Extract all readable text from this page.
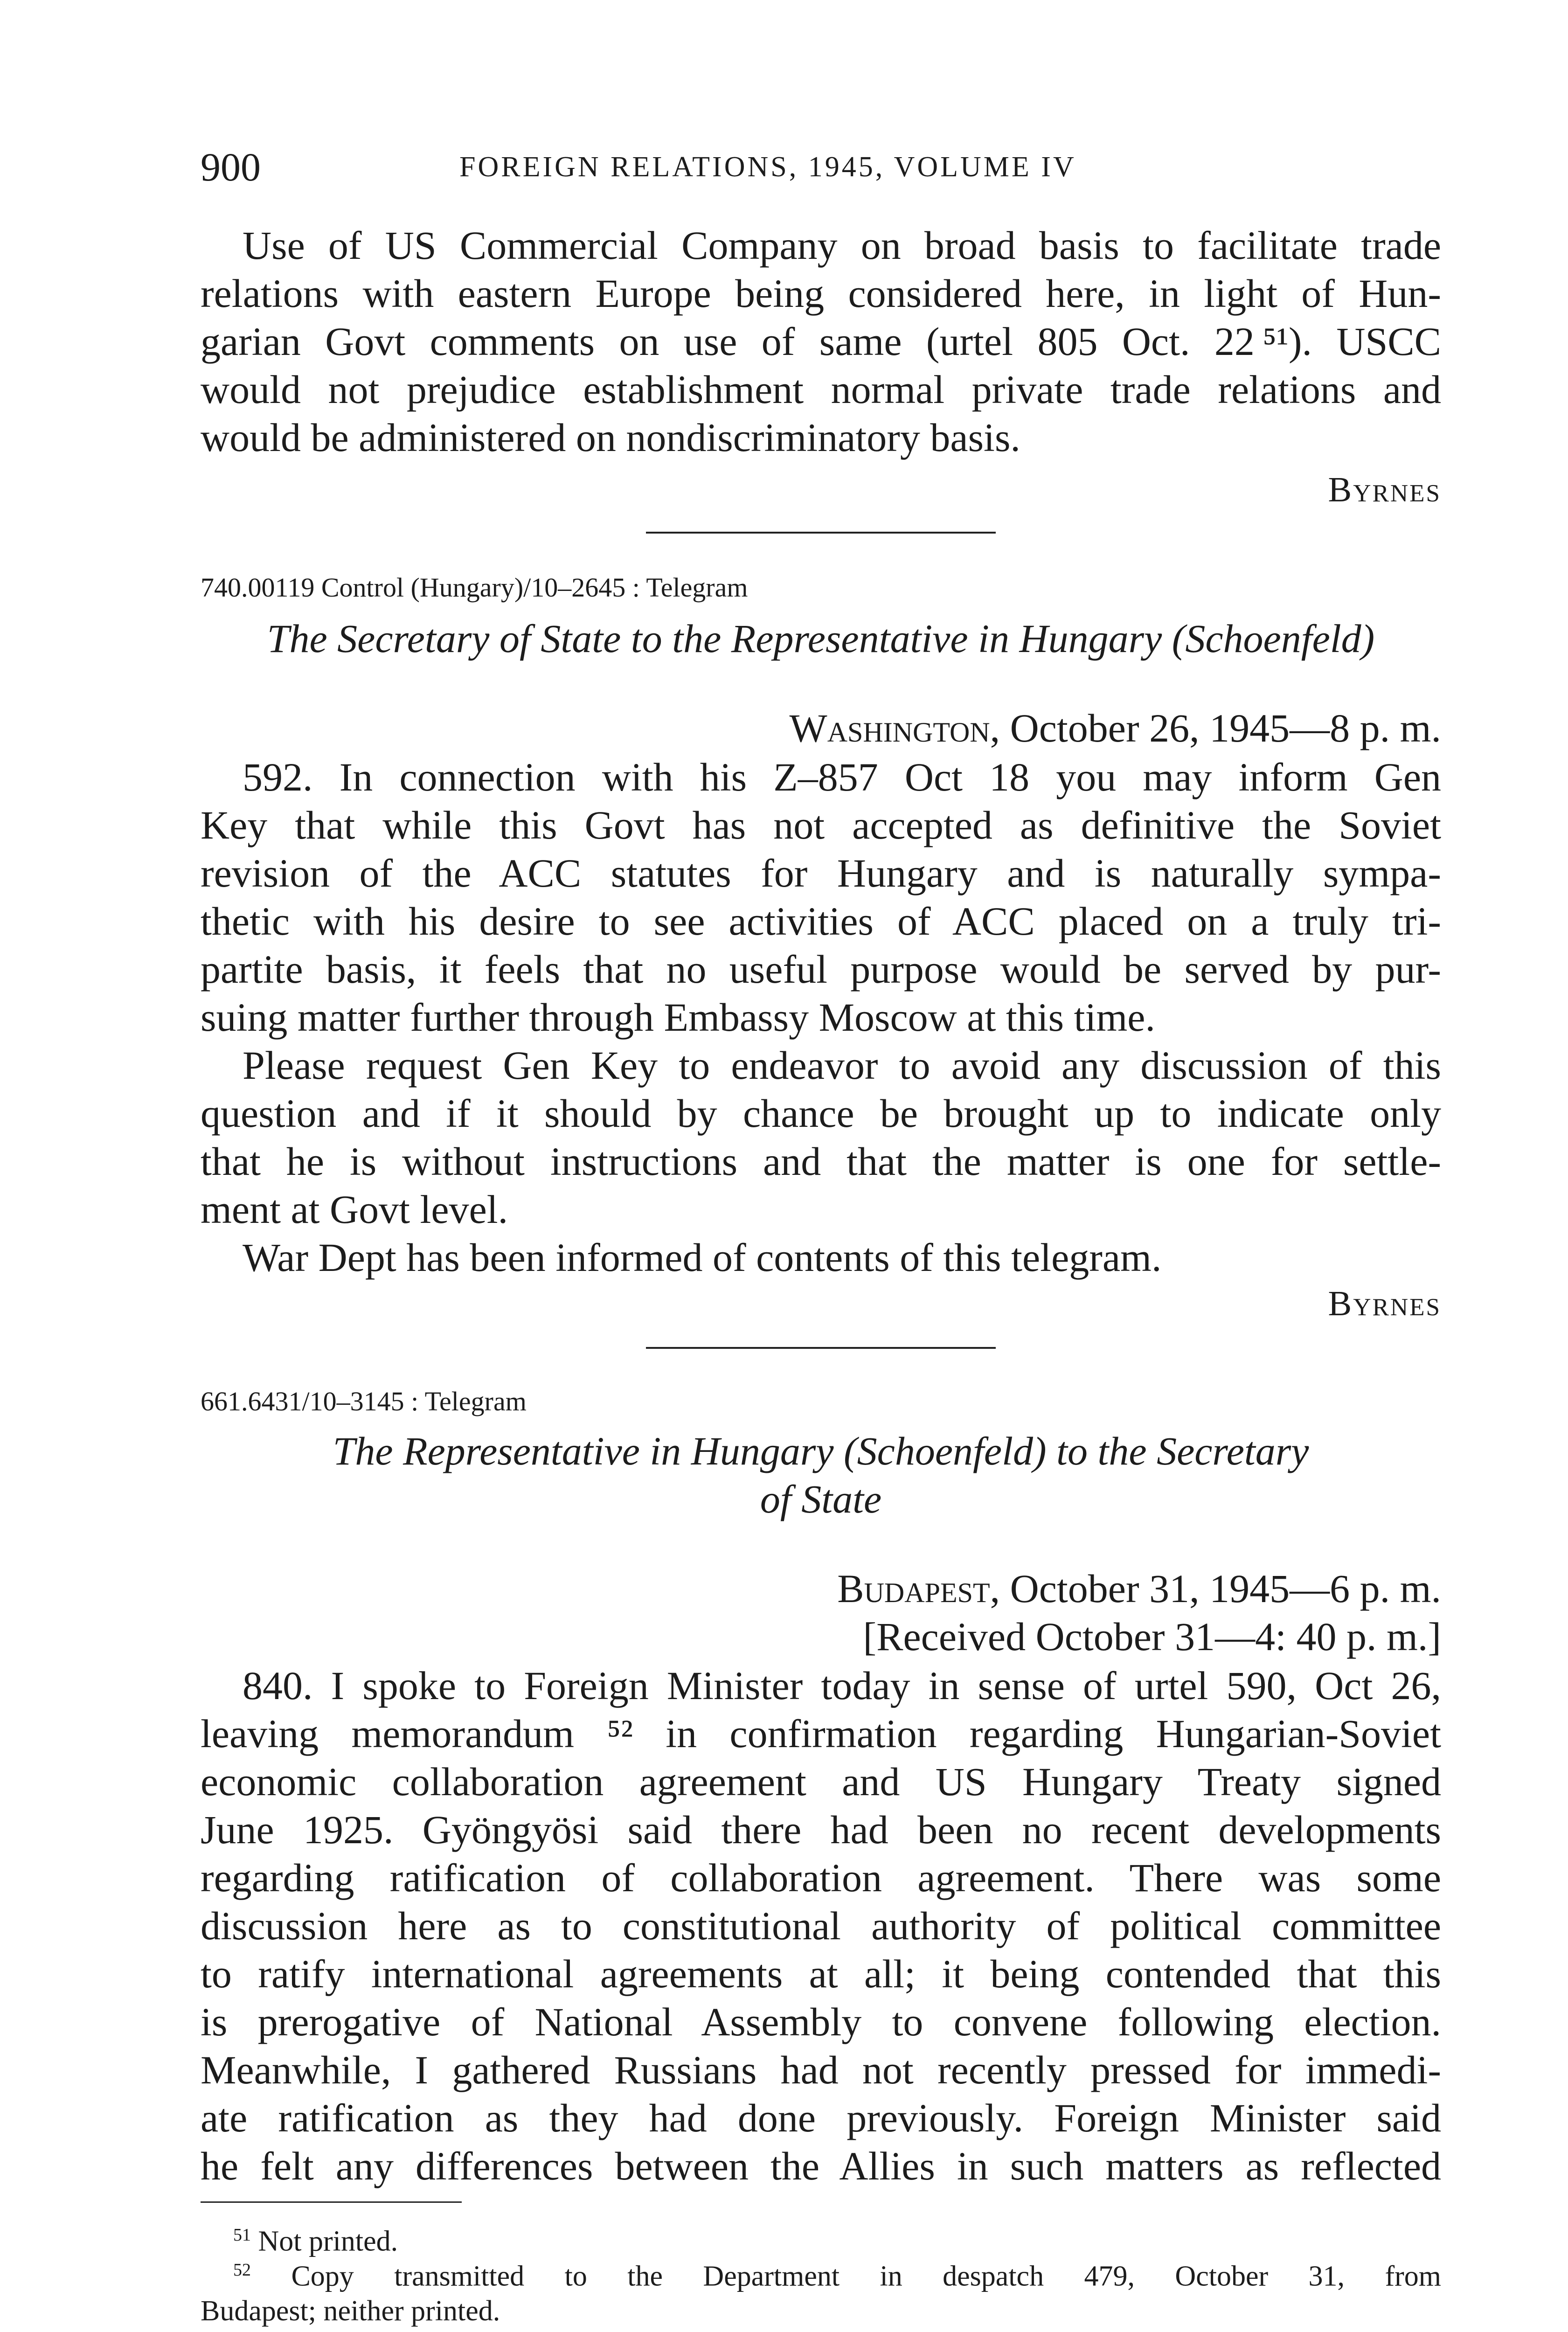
900	FOREIGN RELATIONS, 1945, VOLUME IV
Use of US Commercial Company on broad basis to facilitate trade
relations with eastern Europe being considered here, in light of Hun-
garian Govt comments on use of same (urtel 805 Oct. 22 ⁵¹). USCC
would not prejudice establishment normal private trade relations and
would be administered on nondiscriminatory basis.
Byrnes
740.00119 Control (Hungary)/10–2645 : Telegram
The Secretary of State to the Representative in Hungary (Schoenfeld)
Washington, October 26, 1945—8 p. m.
592. In connection with his Z–857 Oct 18 you may inform Gen
Key that while this Govt has not accepted as definitive the Soviet
revision of the ACC statutes for Hungary and is naturally sympa-
thetic with his desire to see activities of ACC placed on a truly tri-
partite basis, it feels that no useful purpose would be served by pur-
suing matter further through Embassy Moscow at this time.
Please request Gen Key to endeavor to avoid any discussion of this
question and if it should by chance be brought up to indicate only
that he is without instructions and that the matter is one for settle-
ment at Govt level.
War Dept has been informed of contents of this telegram.
Byrnes
661.6431/10–3145 : Telegram
The Representative in Hungary (Schoenfeld) to the Secretary
of State
Budapest, October 31, 1945—6 p. m.
[Received October 31—4: 40 p. m.]
840. I spoke to Foreign Minister today in sense of urtel 590, Oct 26,
leaving memorandum ⁵² in confirmation regarding Hungarian-Soviet
economic collaboration agreement and US Hungary Treaty signed
June 1925. Gyöngyösi said there had been no recent developments
regarding ratification of collaboration agreement. There was some
discussion here as to constitutional authority of political committee
to ratify international agreements at all; it being contended that this
is prerogative of National Assembly to convene following election.
Meanwhile, I gathered Russians had not recently pressed for immedi-
ate ratification as they had done previously. Foreign Minister said
he felt any differences between the Allies in such matters as reflected
$^{51}$ Not printed.
$^{52}$ Copy transmitted to the Department in despatch 479, October 31, from
Budapest; neither printed.
